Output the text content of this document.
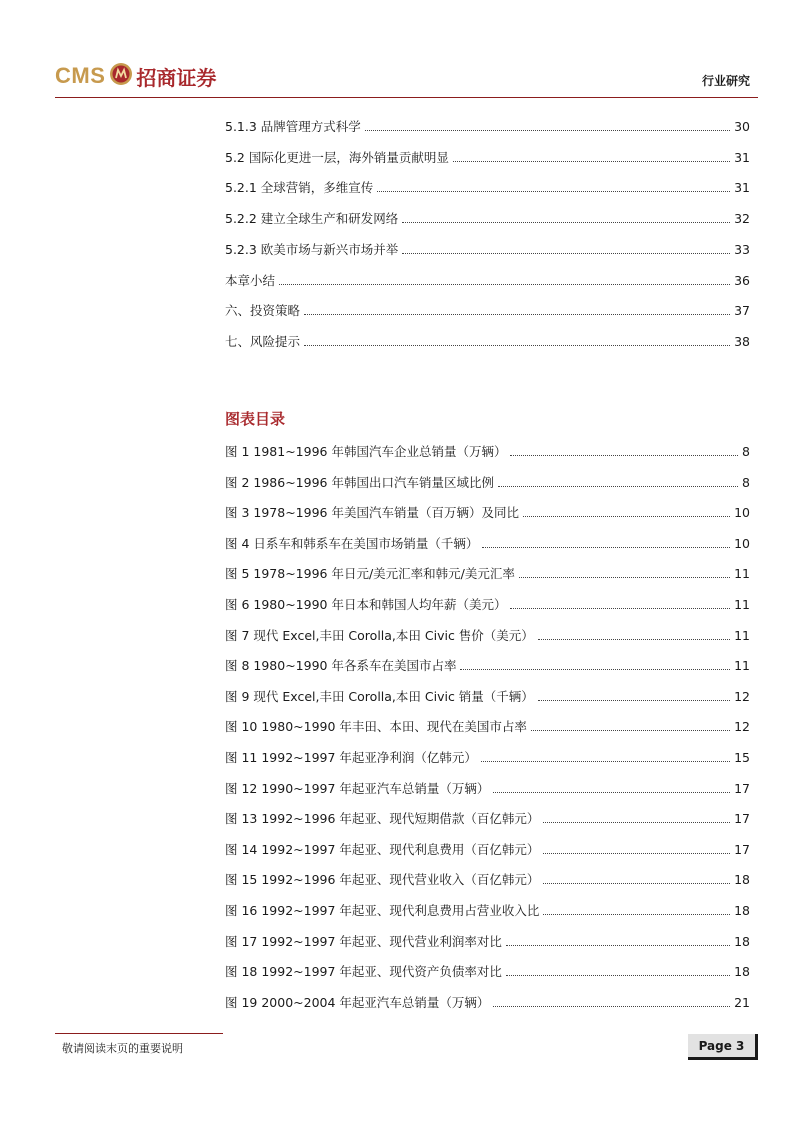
CMS 招商证券	行业研究
5.1.3 品牌管理方式科学	30
5.2 国际化更进一层，海外销量贡献明显	31
5.2.1 全球营销，多维宣传	31
5.2.2 建立全球生产和研发网络	32
5.2.3 欧美市场与新兴市场并举	33
本章小结	36
六、投资策略	37
七、风险提示	38
图表目录
图 1 1981~1996 年韩国汽车企业总销量（万辆）	8
图 2 1986~1996 年韩国出口汽车销量区域比例	8
图 3 1978~1996 年美国汽车销量（百万辆）及同比	10
图 4 日系车和韩系车在美国市场销量（千辆）	10
图 5 1978~1996 年日元/美元汇率和韩元/美元汇率	11
图 6 1980~1990 年日本和韩国人均年薪（美元）	11
图 7 现代 Excel,丰田 Corolla,本田 Civic 售价（美元）	11
图 8 1980~1990 年各系车在美国市占率	11
图 9 现代 Excel,丰田 Corolla,本田 Civic 销量（千辆）	12
图 10 1980~1990 年丰田、本田、现代在美国市占率	12
图 11 1992~1997 年起亚净利润（亿韩元）	15
图 12 1990~1997 年起亚汽车总销量（万辆）	17
图 13 1992~1996 年起亚、现代短期借款（百亿韩元）	17
图 14 1992~1997 年起亚、现代利息费用（百亿韩元）	17
图 15 1992~1996 年起亚、现代营业收入（百亿韩元）	18
图 16 1992~1997 年起亚、现代利息费用占营业收入比	18
图 17 1992~1997 年起亚、现代营业利润率对比	18
图 18 1992~1997 年起亚、现代资产负债率对比	18
图 19 2000~2004 年起亚汽车总销量（万辆）	21
敬请阅读末页的重要说明	Page 3
